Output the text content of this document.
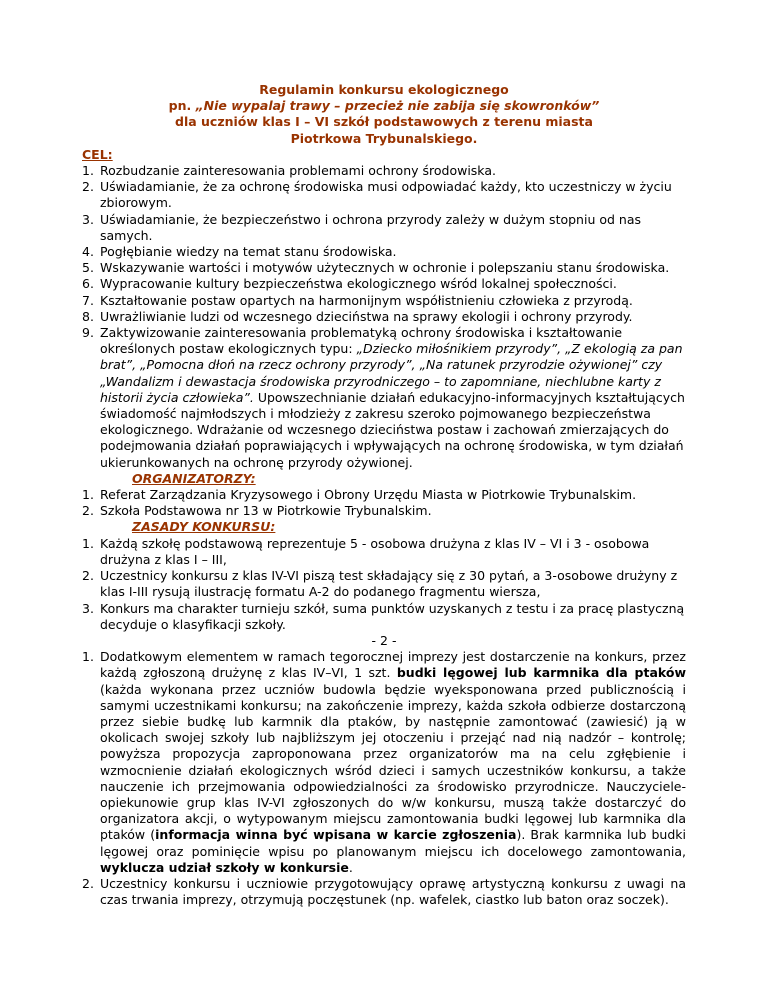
Regulamin konkursu ekologicznego

pn. „Nie wypalaj trawy – przecież nie zabija się skowronków”

dla uczniów klas I – VI szkół podstawowych z terenu miasta

Piotrkowa Trybunalskiego.

CEL:

1. Rozbudzanie zainteresowania problemami ochrony środowiska.
2. Uświadamianie, że za ochronę środowiska musi odpowiadać każdy, kto uczestniczy w życiu zbiorowym.
3. Uświadamianie, że bezpieczeństwo i ochrona przyrody zależy w dużym stopniu od nas samych.
4. Pogłębianie wiedzy na temat stanu środowiska.
5. Wskazywanie wartości i motywów użytecznych w ochronie i polepszaniu stanu środowiska.
6. Wypracowanie kultury bezpieczeństwa ekologicznego wśród lokalnej społeczności.
7. Kształtowanie postaw opartych na harmonijnym współistnieniu człowieka z przyrodą.
8. Uwrażliwianie ludzi od wczesnego dzieciństwa na sprawy ekologii i ochrony przyrody.
9. Zaktywizowanie zainteresowania problematyką ochrony środowiska i kształtowanie określonych postaw ekologicznych typu: „Dziecko miłośnikiem przyrody”, „Z ekologią za pan brat”, „Pomocna dłoń na rzecz ochrony przyrody”, „Na ratunek przyrodzie ożywionej” czy „Wandalizm i dewastacja środowiska przyrodniczego – to zapomniane, niechlubne karty z historii życia człowieka”. Upowszechnianie działań edukacyjno-informacyjnych kształtujących świadomość najmłodszych i młodzieży z zakresu szeroko pojmowanego bezpieczeństwa ekologicznego. Wdrażanie od wczesnego dzieciństwa postaw i zachowań zmierzających do podejmowania działań poprawiających i wpływających na ochronę środowiska, w tym działań ukierunkowanych na ochronę przyrody ożywionej.

ORGANIZATORZY:

1. Referat Zarządzania Kryzysowego i Obrony Urzędu Miasta w Piotrkowie Trybunalskim.
2. Szkoła Podstawowa nr 13 w Piotrkowie Trybunalskim.

ZASADY KONKURSU:

1. Każdą szkołę podstawową reprezentuje 5 - osobowa drużyna z klas IV – VI i 3 - osobowa drużyna z klas I – III,
2. Uczestnicy konkursu z klas IV-VI piszą test składający się z 30 pytań, a 3-osobowe drużyny z klas I-III rysują ilustrację formatu A-2 do podanego fragmentu wiersza,
3. Konkurs ma charakter turnieju szkół, suma punktów uzyskanych z testu i za pracę plastyczną decyduje o klasyfikacji szkoły.

- 2 -

1. Dodatkowym elementem w ramach tegorocznej imprezy jest dostarczenie na konkurs, przez każdą zgłoszoną drużynę z klas IV–VI, 1 szt. budki lęgowej lub karmnika dla ptaków (każda wykonana przez uczniów budowla będzie wyeksponowana przed publicznością i samymi uczestnikami konkursu; na zakończenie imprezy, każda szkoła odbierze dostarczoną przez siebie budkę lub karmnik dla ptaków, by następnie zamontować (zawiesić) ją w okolicach swojej szkoły lub najbliższym jej otoczeniu i przejąć nad nią nadzór – kontrolę; powyższa propozycja zaproponowana przez organizatorów ma na celu zgłębienie i wzmocnienie działań ekologicznych wśród dzieci i samych uczestników konkursu, a także nauczenie ich przejmowania odpowiedzialności za środowisko przyrodnicze. Nauczyciele-opiekunowie grup klas IV-VI zgłoszonych do w/w konkursu, muszą także dostarczyć do organizatora akcji, o wytypowanym miejscu zamontowania budki lęgowej lub karmnika dla ptaków (informacja winna być wpisana w karcie zgłoszenia). Brak karmnika lub budki lęgowej oraz pominięcie wpisu po planowanym miejscu ich docelowego zamontowania, wyklucza udział szkoły w konkursie.
2. Uczestnicy konkursu i uczniowie przygotowujący oprawę artystyczną konkursu z uwagi na czas trwania imprezy, otrzymują poczęstunek (np. wafelek, ciastko lub baton oraz soczek).
